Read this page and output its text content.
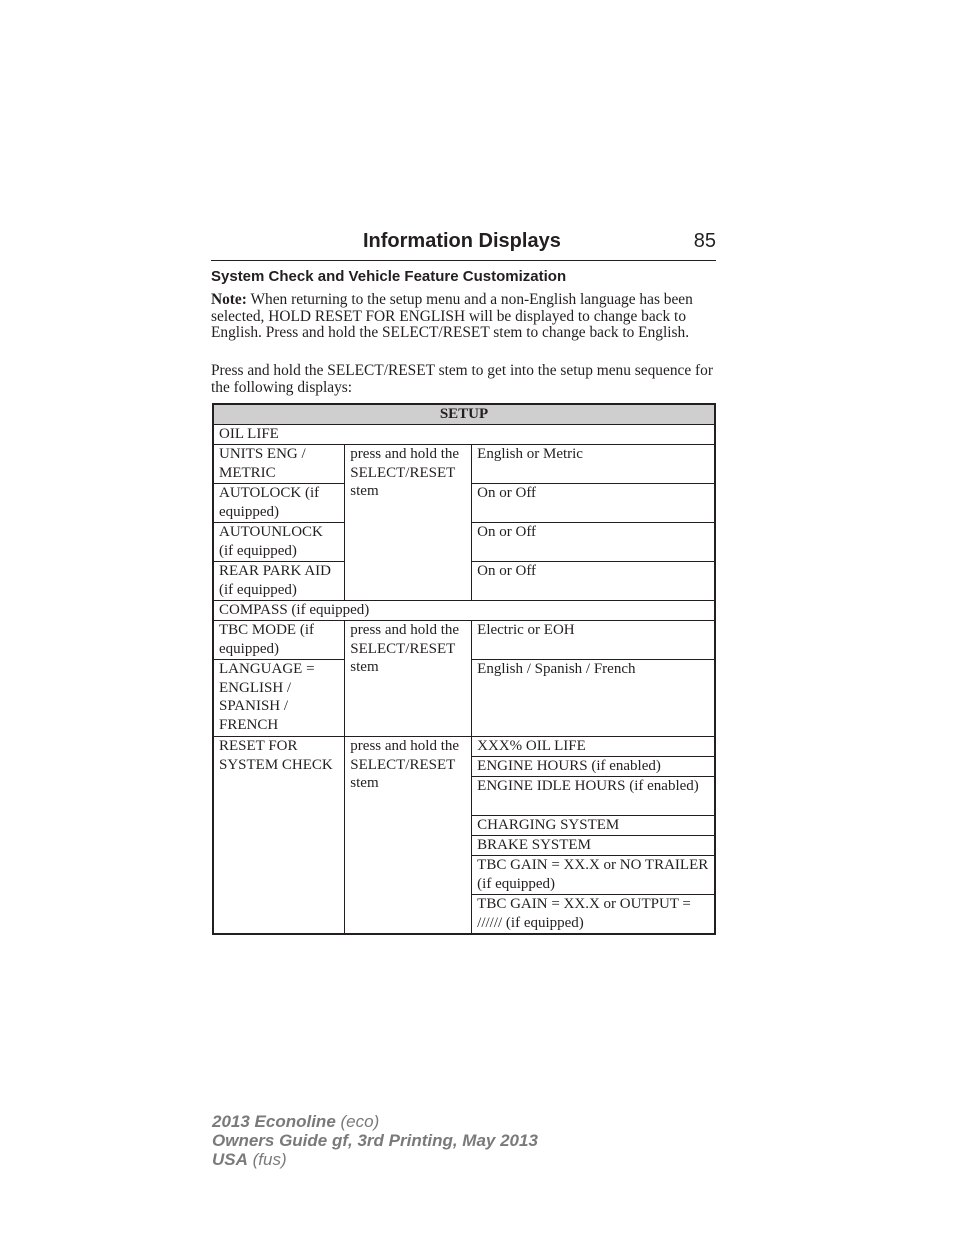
Information Displays	85
System Check and Vehicle Feature Customization
Note: When returning to the setup menu and a non-English language has been selected, HOLD RESET FOR ENGLISH will be displayed to change back to English. Press and hold the SELECT/RESET stem to change back to English.
Press and hold the SELECT/RESET stem to get into the setup menu sequence for the following displays:
SETUP		
OIL LIFE		
UNITS ENG / METRIC	press and hold the SELECT/RESET stem	English or Metric
AUTOLOCK (if equipped)		On or Off
AUTOUNLOCK (if equipped)		On or Off
REAR PARK AID (if equipped)		On or Off
COMPASS (if equipped)		
TBC MODE (if equipped)	press and hold the SELECT/RESET stem	Electric or EOH
LANGUAGE = ENGLISH / SPANISH / FRENCH		English / Spanish / French
RESET FOR SYSTEM CHECK	press and hold the SELECT/RESET stem	XXX% OIL LIFE
		ENGINE HOURS (if enabled)
		ENGINE IDLE HOURS (if enabled)
		CHARGING SYSTEM
		BRAKE SYSTEM
		TBC GAIN = XX.X or NO TRAILER (if equipped)
		TBC GAIN = XX.X or OUTPUT = ////// (if equipped)
2013 Econoline (eco)
Owners Guide gf, 3rd Printing, May 2013
USA (fus)
